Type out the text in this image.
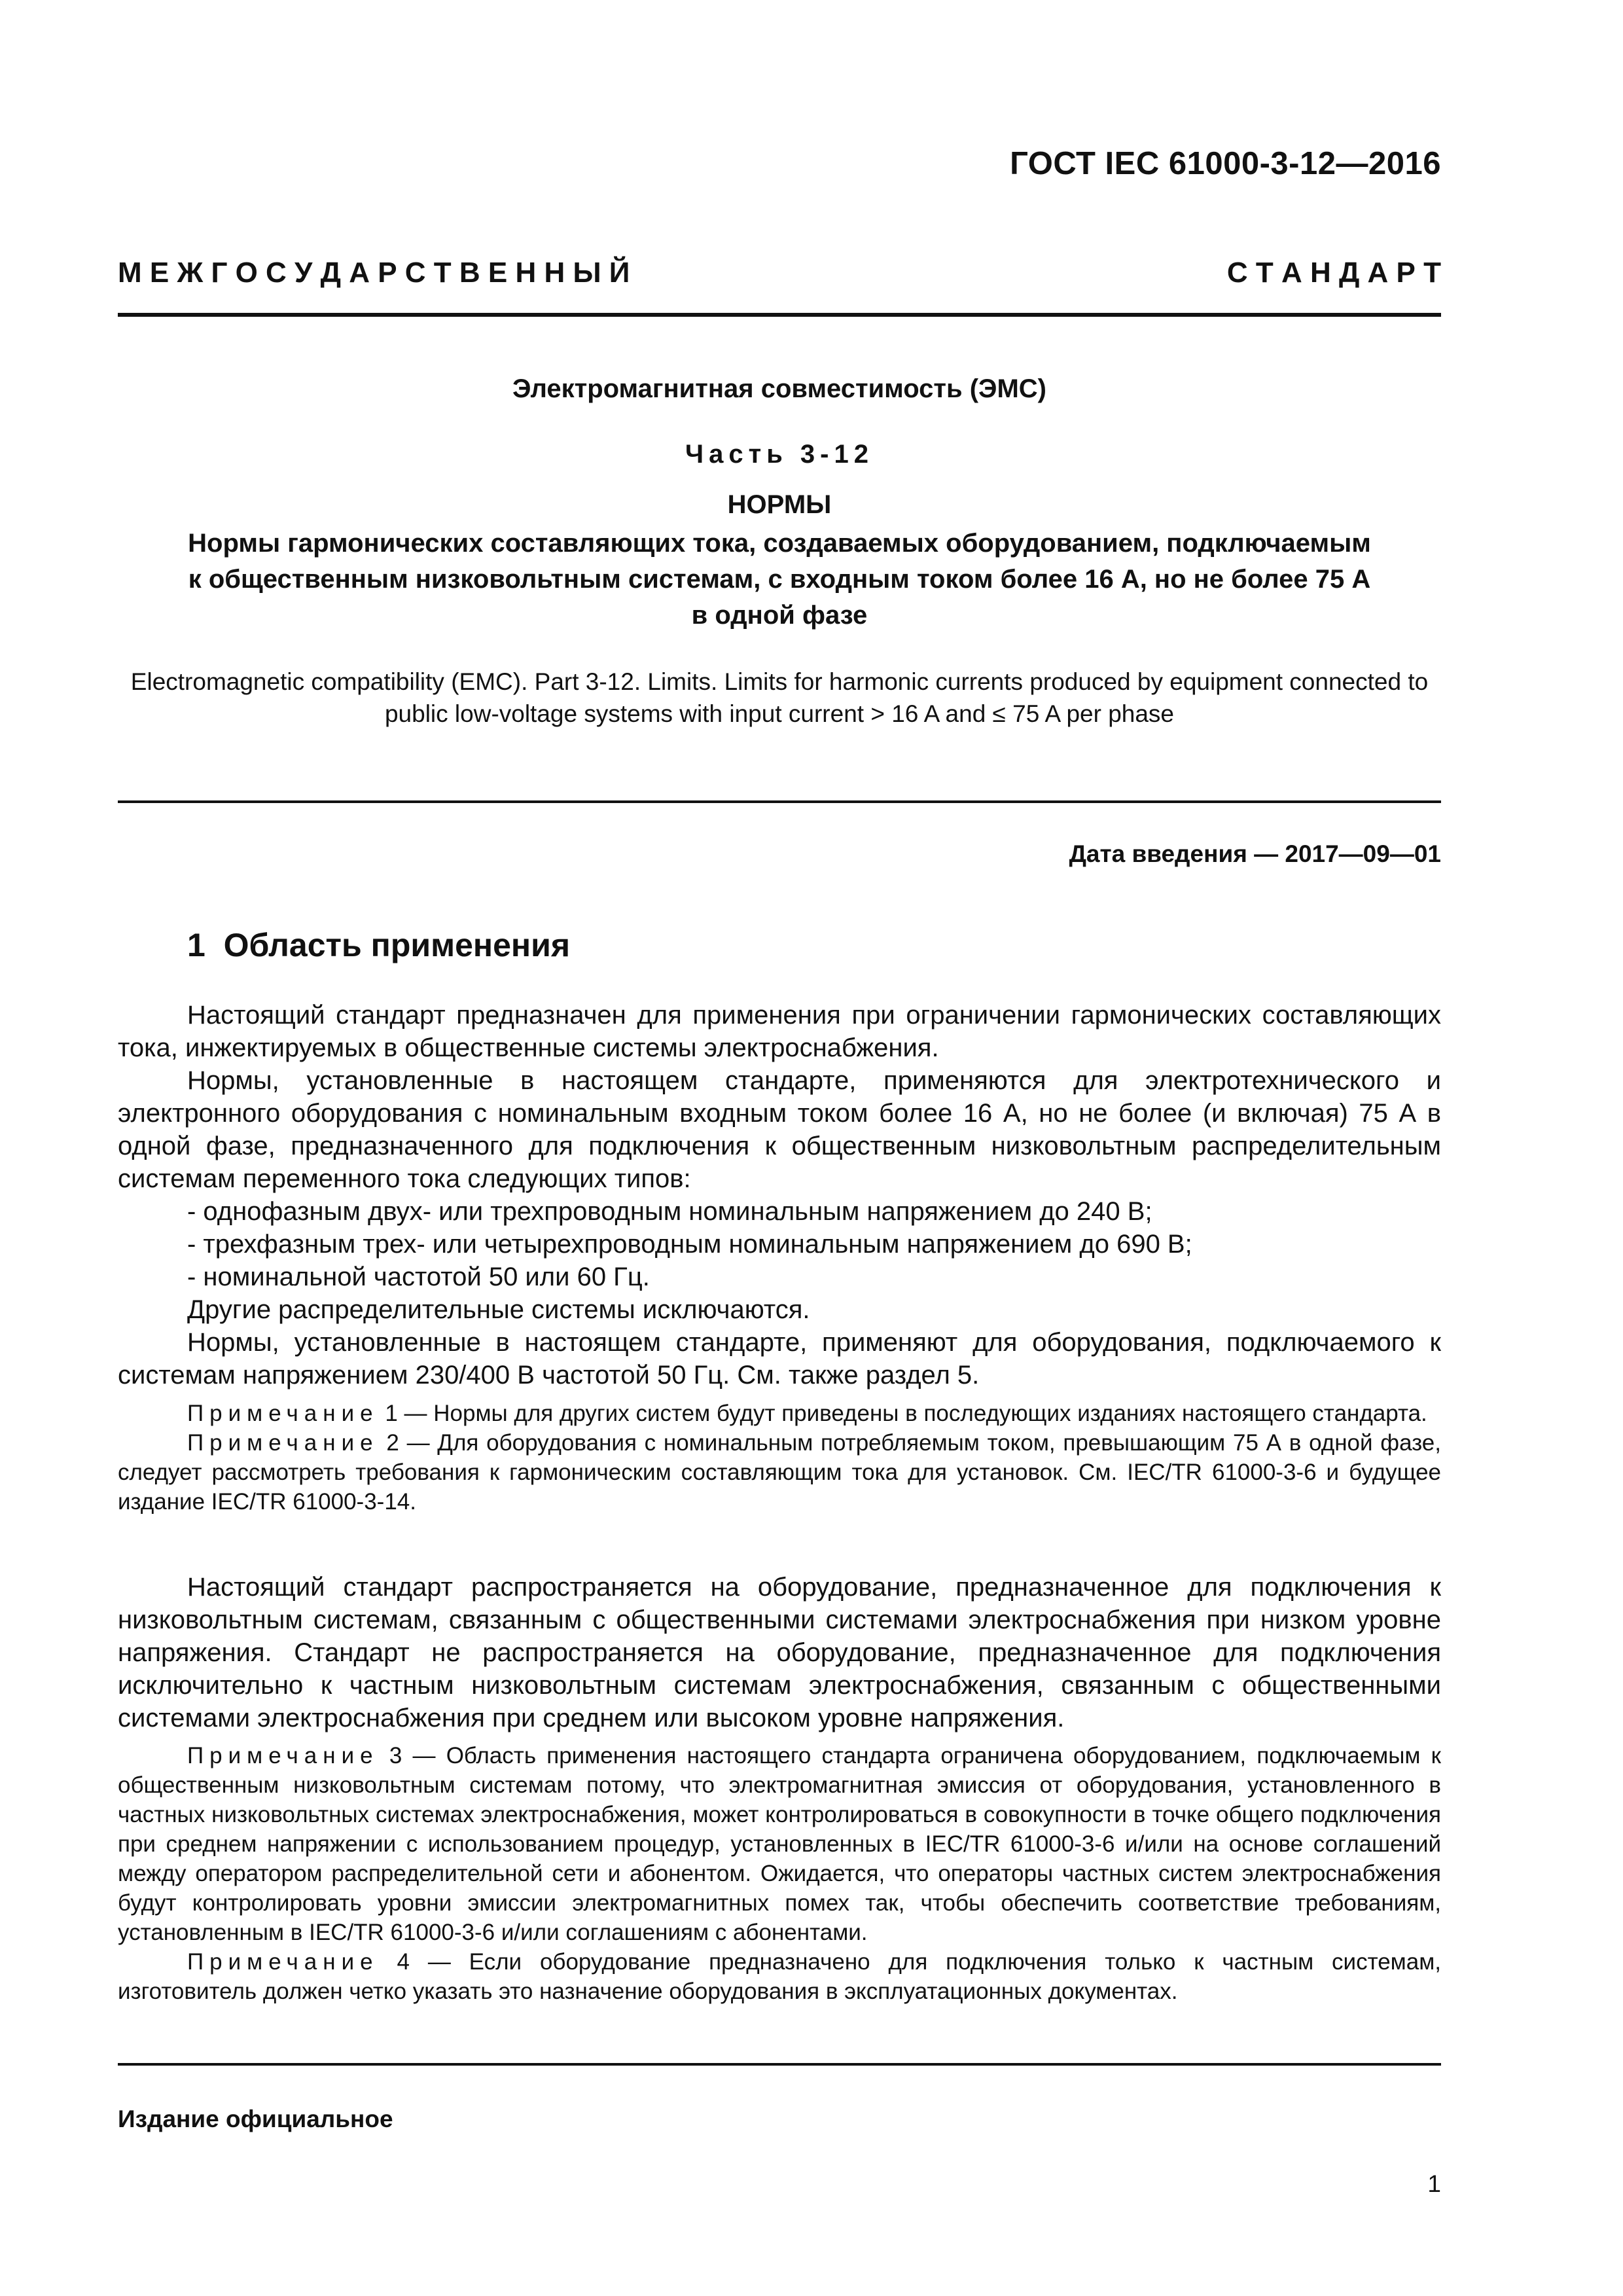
ГОСТ IEC 61000-3-12—2016
М Е Ж Г О С У Д А Р С Т В Е Н Н Ы Й	С Т А Н Д А Р Т
Электромагнитная совместимость (ЭМС)
Часть 3-12
НОРМЫ
Нормы гармонических составляющих тока, создаваемых оборудованием, подключаемым
к общественным низковольтным системам, с входным током более 16 А, но не более 75 А
в одной фазе
Electromagnetic compatibility (EMC). Part 3-12. Limits. Limits for harmonic currents produced by equipment connected to
public low-voltage systems with input current > 16 A and ≤ 75 A per phase
Дата введения — 2017—09—01
1 Область применения

Настоящий стандарт предназначен для применения при ограничении гармонических составляющих тока, инжектируемых в общественные системы электроснабжения.

Нормы, установленные в настоящем стандарте, применяются для электротехнического и электронного оборудования с номинальным входным током более 16 А, но не более (и включая) 75 А в одной фазе, предназначенного для подключения к общественным низковольтным распределительным системам переменного тока следующих типов:

- однофазным двух- или трехпроводным номинальным напряжением до 240 В;
- трехфазным трех- или четырехпроводным номинальным напряжением до 690 В;
- номинальной частотой 50 или 60 Гц.

Другие распределительные системы исключаются.

Нормы, установленные в настоящем стандарте, применяют для оборудования, подключаемого к системам напряжением 230/400 В частотой 50 Гц. См. также раздел 5.

Примечание 1 — Нормы для других систем будут приведены в последующих изданиях настоящего стандарта.

Примечание 2 — Для оборудования с номинальным потребляемым током, превышающим 75 А в одной фазе, следует рассмотреть требования к гармоническим составляющим тока для установок. См. IEC/TR 61000-3-6 и будущее издание IEC/TR 61000-3-14.

Настоящий стандарт распространяется на оборудование, предназначенное для подключения к низковольтным системам, связанным с общественными системами электроснабжения при низком уровне напряжения. Стандарт не распространяется на оборудование, предназначенное для подключения исключительно к частным низковольтным системам электроснабжения, связанным с общественными системами электроснабжения при среднем или высоком уровне напряжения.

Примечание 3 — Область применения настоящего стандарта ограничена оборудованием, подключаемым к общественным низковольтным системам потому, что электромагнитная эмиссия от оборудования, установленного в частных низковольтных системах электроснабжения, может контролироваться в совокупности в точке общего подключения при среднем напряжении с использованием процедур, установленных в IEC/TR 61000-3-6 и/или на основе соглашений между оператором распределительной сети и абонентом. Ожидается, что операторы частных систем электроснабжения будут контролировать уровни эмиссии электромагнитных помех так, чтобы обеспечить соответствие требованиям, установленным в IEC/TR 61000-3-6 и/или соглашениям с абонентами.

Примечание 4 — Если оборудование предназначено для подключения только к частным системам, изготовитель должен четко указать это назначение оборудования в эксплуатационных документах.

Издание официальное
1
